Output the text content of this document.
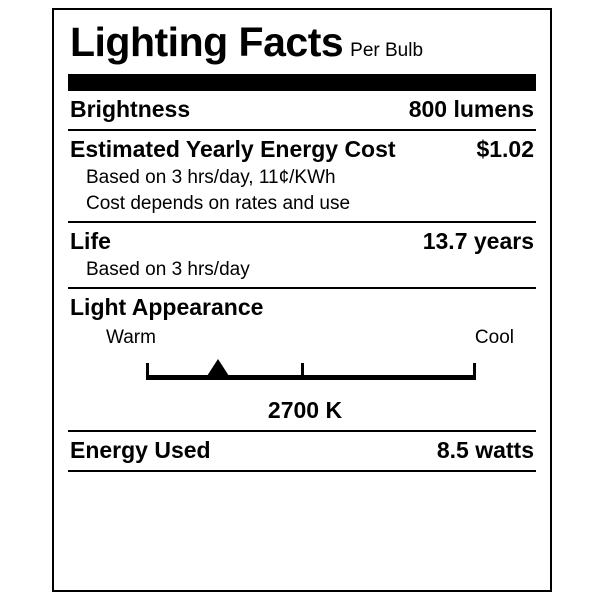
Lighting Facts Per Bulb
Brightness	800 lumens
Estimated Yearly Energy Cost	$1.02
Based on 3 hrs/day, 11¢/KWh
Cost depends on rates and use
Life	13.7 years
Based on 3 hrs/day
Light Appearance
Warm	Cool
2700 K
Energy Used	8.5 watts
